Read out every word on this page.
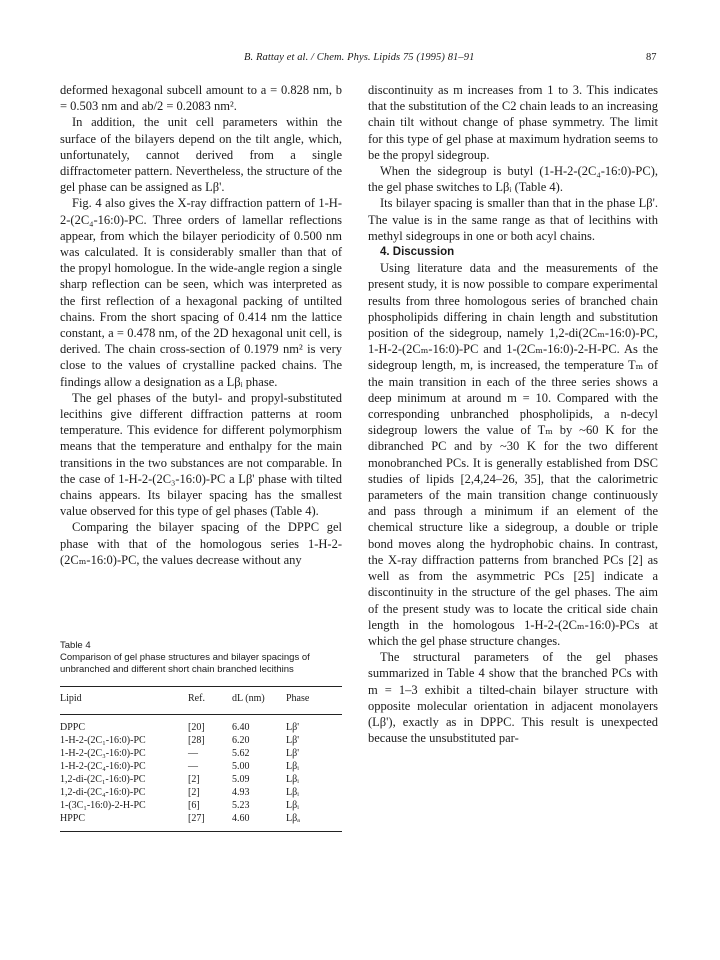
B. Rattay et al. / Chem. Phys. Lipids 75 (1995) 81–91	87

deformed hexagonal subcell amount to a = 0.828 nm, b = 0.503 nm and ab/2 = 0.2083 nm².

In addition, the unit cell parameters within the surface of the bilayers depend on the tilt angle, which, unfortunately, cannot derived from a single diffractometer pattern. Nevertheless, the structure of the gel phase can be assigned as Lβ'.

Fig. 4 also gives the X-ray diffraction pattern of 1-H-2-(2C₄-16:0)-PC. Three orders of lamellar reflections appear, from which the bilayer periodicity of 0.500 nm was calculated. It is considerably smaller than that of the propyl homologue. In the wide-angle region a single sharp reflection can be seen, which was interpreted as the first reflection of a hexagonal packing of untilted chains. From the short spacing of 0.414 nm the lattice constant, a = 0.478 nm, of the 2D hexagonal unit cell, is derived. The chain cross-section of 0.1979 nm² is very close to the values of crystalline packed chains. The findings allow a designation as a Lβᵢ phase.

The gel phases of the butyl- and propyl-substituted lecithins give different diffraction patterns at room temperature. This evidence for different polymorphism means that the temperature and enthalpy for the main transitions in the two substances are not comparable. In the case of 1-H-2-(2C₃-16:0)-PC a Lβ' phase with tilted chains appears. Its bilayer spacing has the smallest value observed for this type of gel phases (Table 4).

Comparing the bilayer spacing of the DPPC gel phase with that of the homologous series 1-H-2-(2Cₘ-16:0)-PC, the values decrease without any

Table 4
Comparison of gel phase structures and bilayer spacings of unbranched and different short chain branched lecithins
Lipid	Ref.	dL (nm)	Phase
DPPC	[20]	6.40	Lβ'
1-H-2-(2C₁-16:0)-PC	[28]	6.20	Lβ'
1-H-2-(2C₃-16:0)-PC	—	5.62	Lβ'
1-H-2-(2C₄-16:0)-PC	—	5.00	Lβᵢ
1,2-di-(2C₁-16:0)-PC	[2]	5.09	Lβᵢ
1,2-di-(2C₄-16:0)-PC	[2]	4.93	Lβᵢ
1-(3C₁-16:0)-2-H-PC	[6]	5.23	Lβᵢ
HPPC	[27]	4.60	Lβₐ

discontinuity as m increases from 1 to 3. This indicates that the substitution of the C2 chain leads to an increasing chain tilt without change of phase symmetry. The limit for this type of gel phase at maximum hydration seems to be the propyl sidegroup.

When the sidegroup is butyl (1-H-2-(2C₄-16:0)-PC), the gel phase switches to Lβᵢ (Table 4).

Its bilayer spacing is smaller than that in the phase Lβ'. The value is in the same range as that of lecithins with methyl sidegroups in one or both acyl chains.

4. Discussion

Using literature data and the measurements of the present study, it is now possible to compare experimental results from three homologous series of branched chain phospholipids differing in chain length and substitution position of the sidegroup, namely 1,2-di(2Cₘ-16:0)-PC, 1-H-2-(2Cₘ-16:0)-PC and 1-(2Cₘ-16:0)-2-H-PC. As the sidegroup length, m, is increased, the temperature Tₘ of the main transition in each of the three series shows a deep minimum at around m = 10. Compared with the corresponding unbranched phospholipids, a n-decyl sidegroup lowers the value of Tₘ by ~60 K for the dibranched PC and by ~30 K for the two different monobranched PCs. It is generally established from DSC studies of lipids [2,4,24–26, 35], that the calorimetric parameters of the main transition change continuously and pass through a minimum if an element of the chemical structure like a sidegroup, a double or triple bond moves along the hydrophobic chains. In contrast, the X-ray diffraction patterns from branched PCs [2] as well as from the asymmetric PCs [25] indicate a discontinuity in the structure of the gel phases. The aim of the present study was to locate the critical side chain length in the homologous 1-H-2-(2Cₘ-16:0)-PCs at which the gel phase structure changes.

The structural parameters of the gel phases summarized in Table 4 show that the branched PCs with m = 1–3 exhibit a tilted-chain bilayer structure with opposite molecular orientation in adjacent monolayers (Lβ'), exactly as in DPPC. This result is unexpected because the unsubstituted par-
